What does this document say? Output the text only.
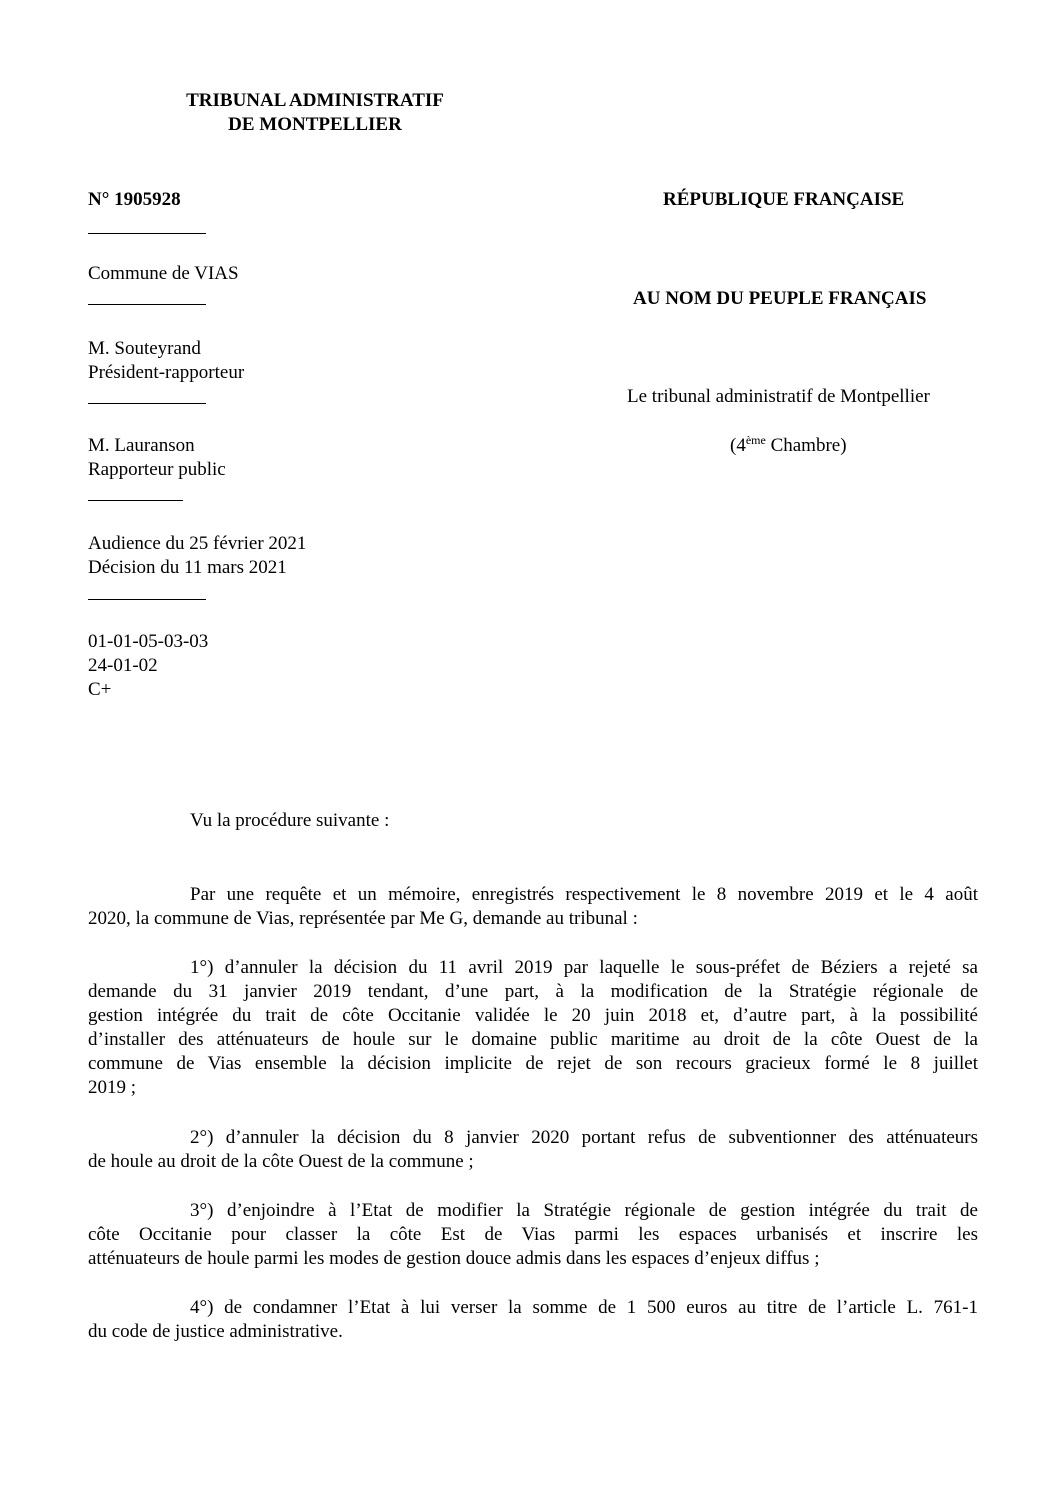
TRIBUNAL ADMINISTRATIF
DE MONTPELLIER
N° 1905928	RÉPUBLIQUE FRANÇAISE
Commune de VIAS
AU NOM DU PEUPLE FRANÇAIS
M. Souteyrand
Président-rapporteur
Le tribunal administratif de Montpellier
M. Lauranson
Rapporteur public
(4ème Chambre)
Audience du 25 février 2021
Décision du 11 mars 2021
01-01-05-03-03
24-01-02
C+
Vu la procédure suivante :
Par une requête et un mémoire, enregistrés respectivement le 8 novembre 2019 et le 4 août
2020, la commune de Vias, représentée par Me G, demande au tribunal :
1°) d’annuler la décision du 11 avril 2019 par laquelle le sous-préfet de Béziers a rejeté sa
demande du 31 janvier 2019 tendant, d’une part, à la modification de la Stratégie régionale de
gestion intégrée du trait de côte Occitanie validée le 20 juin 2018 et, d’autre part, à la possibilité
d’installer des atténuateurs de houle sur le domaine public maritime au droit de la côte Ouest de la
commune de Vias ensemble la décision implicite de rejet de son recours gracieux formé le 8 juillet
2019 ;
2°) d’annuler la décision du 8 janvier 2020 portant refus de subventionner des atténuateurs
de houle au droit de la côte Ouest de la commune ;
3°) d’enjoindre à l’Etat de modifier la Stratégie régionale de gestion intégrée du trait de
côte Occitanie pour classer la côte Est de Vias parmi les espaces urbanisés et inscrire les
atténuateurs de houle parmi les modes de gestion douce admis dans les espaces d’enjeux diffus ;
4°) de condamner l’Etat à lui verser la somme de 1 500 euros au titre de l’article L. 761-1
du code de justice administrative.
